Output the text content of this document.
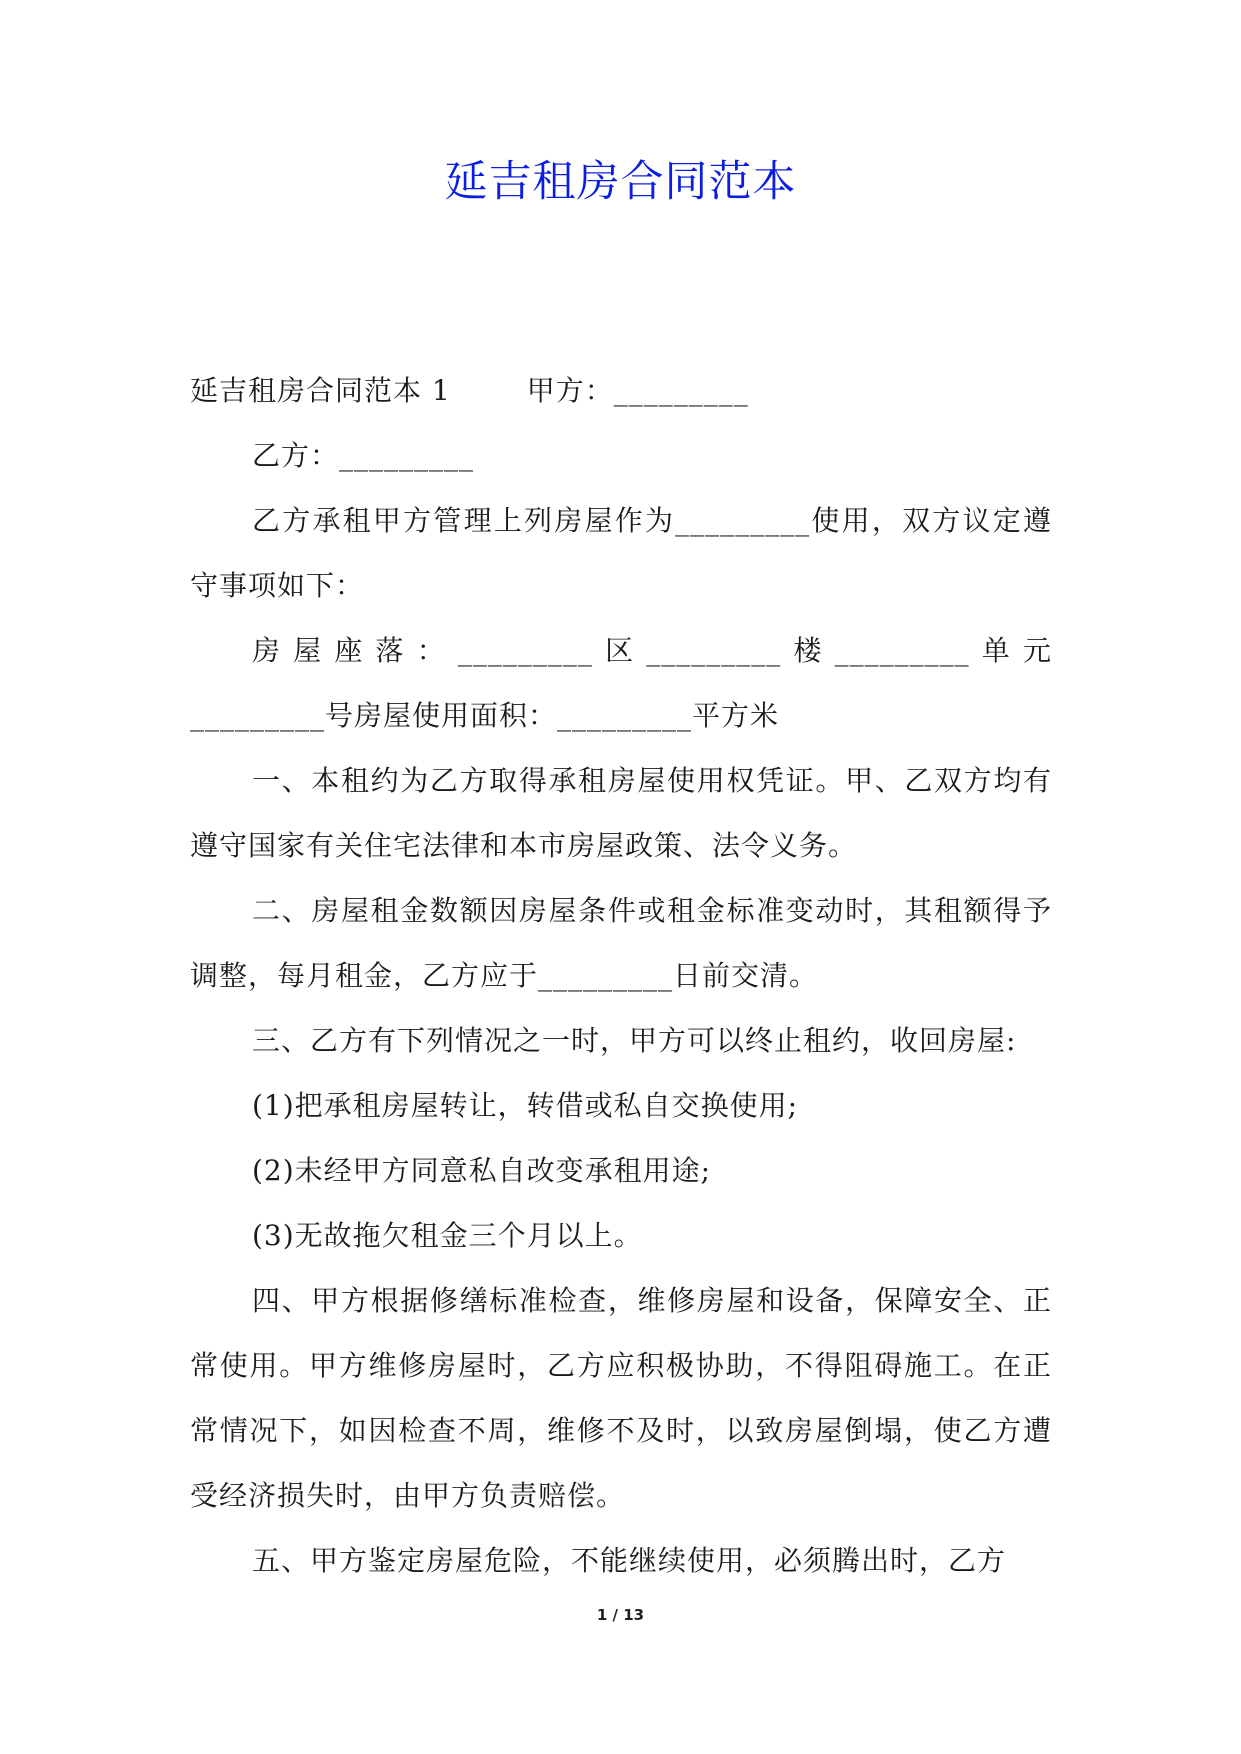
延吉租房合同范本

延吉租房合同范本 1	甲方：_________

乙方：_________

乙方承租甲方管理上列房屋作为_________使用，双方议定遵守事项如下：

房屋座落：_________区_________楼_________单元_________号房屋使用面积：_________平方米

一、本租约为乙方取得承租房屋使用权凭证。甲、乙双方均有遵守国家有关住宅法律和本市房屋政策、法令义务。

二、房屋租金数额因房屋条件或租金标准变动时，其租额得予调整，每月租金，乙方应于_________日前交清。

三、乙方有下列情况之一时，甲方可以终止租约，收回房屋:

(1)把承租房屋转让，转借或私自交换使用;

(2)未经甲方同意私自改变承租用途;

(3)无故拖欠租金三个月以上。

四、甲方根据修缮标准检查，维修房屋和设备，保障安全、正常使用。甲方维修房屋时，乙方应积极协助，不得阻碍施工。在正常情况下，如因检查不周，维修不及时，以致房屋倒塌，使乙方遭受经济损失时，由甲方负责赔偿。

五、甲方鉴定房屋危险，不能继续使用，必须腾出时，乙方

1 / 13
